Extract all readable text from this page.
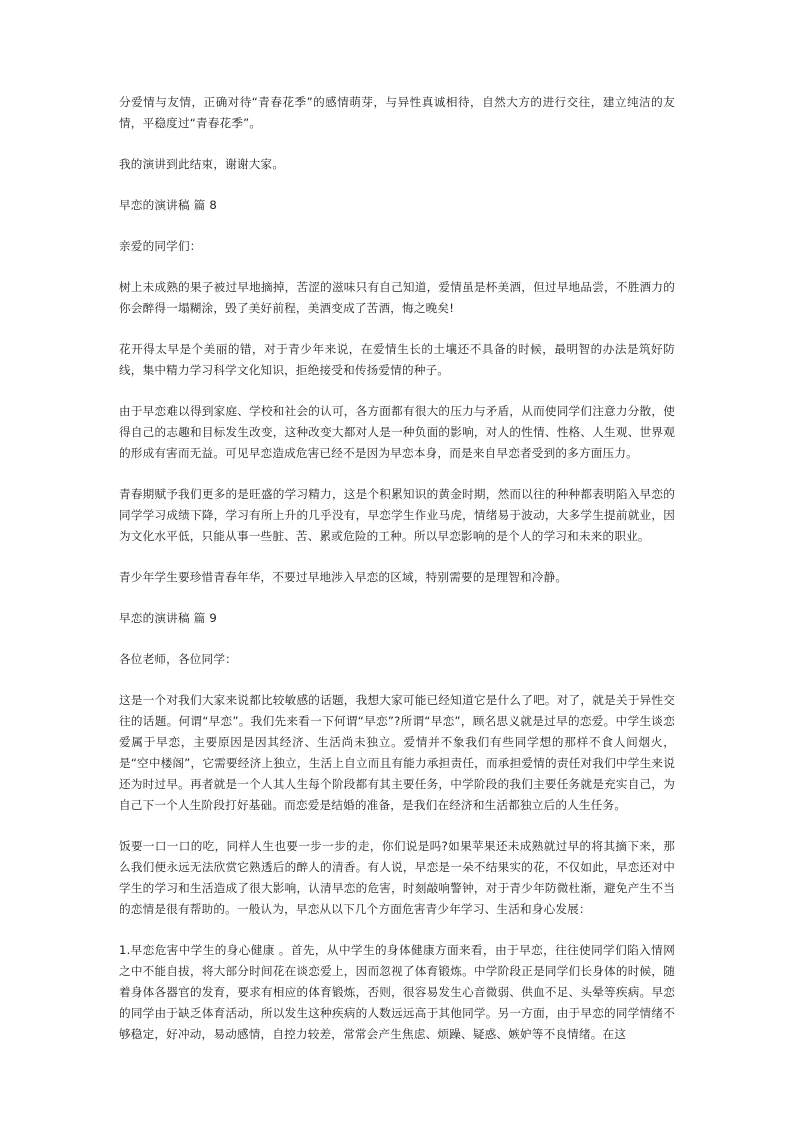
分爱情与友情，正确对待“青春花季”的感情萌芽，与异性真诚相待，自然大方的进行交往，建立纯洁的友情，平稳度过“青春花季”。

我的演讲到此结束，谢谢大家。

早恋的演讲稿 篇 8

亲爱的同学们：

树上未成熟的果子被过早地摘掉，苦涩的滋味只有自己知道，爱情虽是杯美酒，但过早地品尝，不胜酒力的你会醉得一塌糊涂，毁了美好前程，美酒变成了苦酒，悔之晚矣!

花开得太早是个美丽的错，对于青少年来说，在爱情生长的土壤还不具备的时候，最明智的办法是筑好防线，集中精力学习科学文化知识，拒绝接受和传扬爱情的种子。

由于早恋难以得到家庭、学校和社会的认可，各方面都有很大的压力与矛盾，从而使同学们注意力分散，使得自己的志趣和目标发生改变，这种改变大都对人是一种负面的影响，对人的性情、性格、人生观、世界观的形成有害而无益。可见早恋造成危害已经不是因为早恋本身，而是来自早恋者受到的多方面压力。

青春期赋予我们更多的是旺盛的学习精力，这是个积累知识的黄金时期，然而以往的种种都表明陷入早恋的同学学习成绩下降，学习有所上升的几乎没有，早恋学生作业马虎，情绪易于波动，大多学生提前就业，因为文化水平低，只能从事一些脏、苦、累或危险的工种。所以早恋影响的是个人的学习和未来的职业。

青少年学生要珍惜青春年华，不要过早地涉入早恋的区域，特别需要的是理智和冷静。

早恋的演讲稿 篇 9

各位老师，各位同学：

这是一个对我们大家来说都比较敏感的话题，我想大家可能已经知道它是什么了吧。对了，就是关于异性交往的话题。何谓“早恋”。我们先来看一下何谓“早恋”?所谓“早恋”，顾名思义就是过早的恋爱。中学生谈恋爱属于早恋，主要原因是因其经济、生活尚未独立。爱情并不象我们有些同学想的那样不食人间烟火，是“空中楼阁”，它需要经济上独立，生活上自立而且有能力承担责任，而承担爱情的责任对我们中学生来说还为时过早。再者就是一个人其人生每个阶段都有其主要任务，中学阶段的我们主要任务就是充实自己，为自己下一个人生阶段打好基础。而恋爱是结婚的准备，是我们在经济和生活都独立后的人生任务。

饭要一口一口的吃，同样人生也要一步一步的走，你们说是吗?如果苹果还未成熟就过早的将其摘下来，那么我们便永远无法欣赏它熟透后的醉人的清香。有人说，早恋是一朵不结果实的花，不仅如此，早恋还对中学生的学习和生活造成了很大影响，认清早恋的危害，时刻敲响警钟，对于青少年防微杜渐，避免产生不当的恋情是很有帮助的。一般认为，早恋从以下几个方面危害青少年学习、生活和身心发展：

1.早恋危害中学生的身心健康 。首先，从中学生的身体健康方面来看，由于早恋，往往使同学们陷入情网之中不能自拔，将大部分时间花在谈恋爱上，因而忽视了体育锻炼。中学阶段正是同学们长身体的时候，随着身体各器官的发育，要求有相应的体育锻炼，否则，很容易发生心音微弱、供血不足、头晕等疾病。早恋的同学由于缺乏体育活动，所以发生这种疾病的人数远远高于其他同学。另一方面，由于早恋的同学情绪不够稳定，好冲动，易动感情，自控力较差，常常会产生焦虑、烦躁、疑惑、嫉妒等不良情绪。在这
